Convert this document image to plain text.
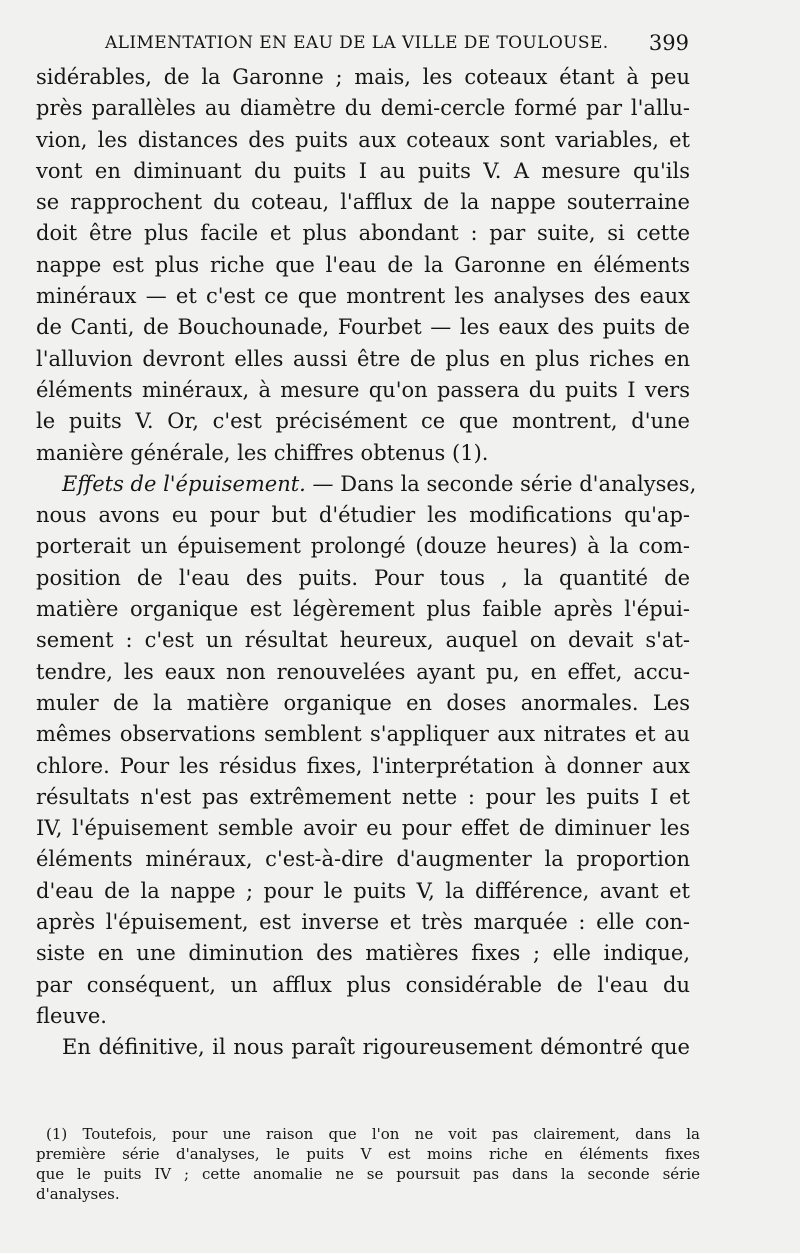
ALIMENTATION EN EAU DE LA VILLE DE TOULOUSE. 399
sidérables, de la Garonne ; mais, les coteaux étant à peu
près parallèles au diamètre du demi-cercle formé par l'allu-
vion, les distances des puits aux coteaux sont variables, et
vont en diminuant du puits I au puits V. A mesure qu'ils
se rapprochent du coteau, l'afflux de la nappe souterraine
doit être plus facile et plus abondant : par suite, si cette
nappe est plus riche que l'eau de la Garonne en éléments
minéraux — et c'est ce que montrent les analyses des eaux
de Canti, de Bouchounade, Fourbet — les eaux des puits de
l'alluvion devront elles aussi être de plus en plus riches en
éléments minéraux, à mesure qu'on passera du puits I vers
le puits V. Or, c'est précisément ce que montrent, d'une
manière générale, les chiffres obtenus (1).
Effets de l'épuisement. — Dans la seconde série d'analyses,
nous avons eu pour but d'étudier les modifications qu'ap-
porterait un épuisement prolongé (douze heures) à la com-
position de l'eau des puits. Pour tous , la quantité de
matière organique est légèrement plus faible après l'épui-
sement : c'est un résultat heureux, auquel on devait s'at-
tendre, les eaux non renouvelées ayant pu, en effet, accu-
muler de la matière organique en doses anormales. Les
mêmes observations semblent s'appliquer aux nitrates et au
chlore. Pour les résidus fixes, l'interprétation à donner aux
résultats n'est pas extrêmement nette : pour les puits I et
IV, l'épuisement semble avoir eu pour effet de diminuer les
éléments minéraux, c'est-à-dire d'augmenter la proportion
d'eau de la nappe ; pour le puits V, la différence, avant et
après l'épuisement, est inverse et très marquée : elle con-
siste en une diminution des matières fixes ; elle indique,
par conséquent, un afflux plus considérable de l'eau du
fleuve.
En définitive, il nous paraît rigoureusement démontré que
(1) Toutefois, pour une raison que l'on ne voit pas clairement, dans la
première série d'analyses, le puits V est moins riche en éléments fixes
que le puits IV ; cette anomalie ne se poursuit pas dans la seconde série
d'analyses.
